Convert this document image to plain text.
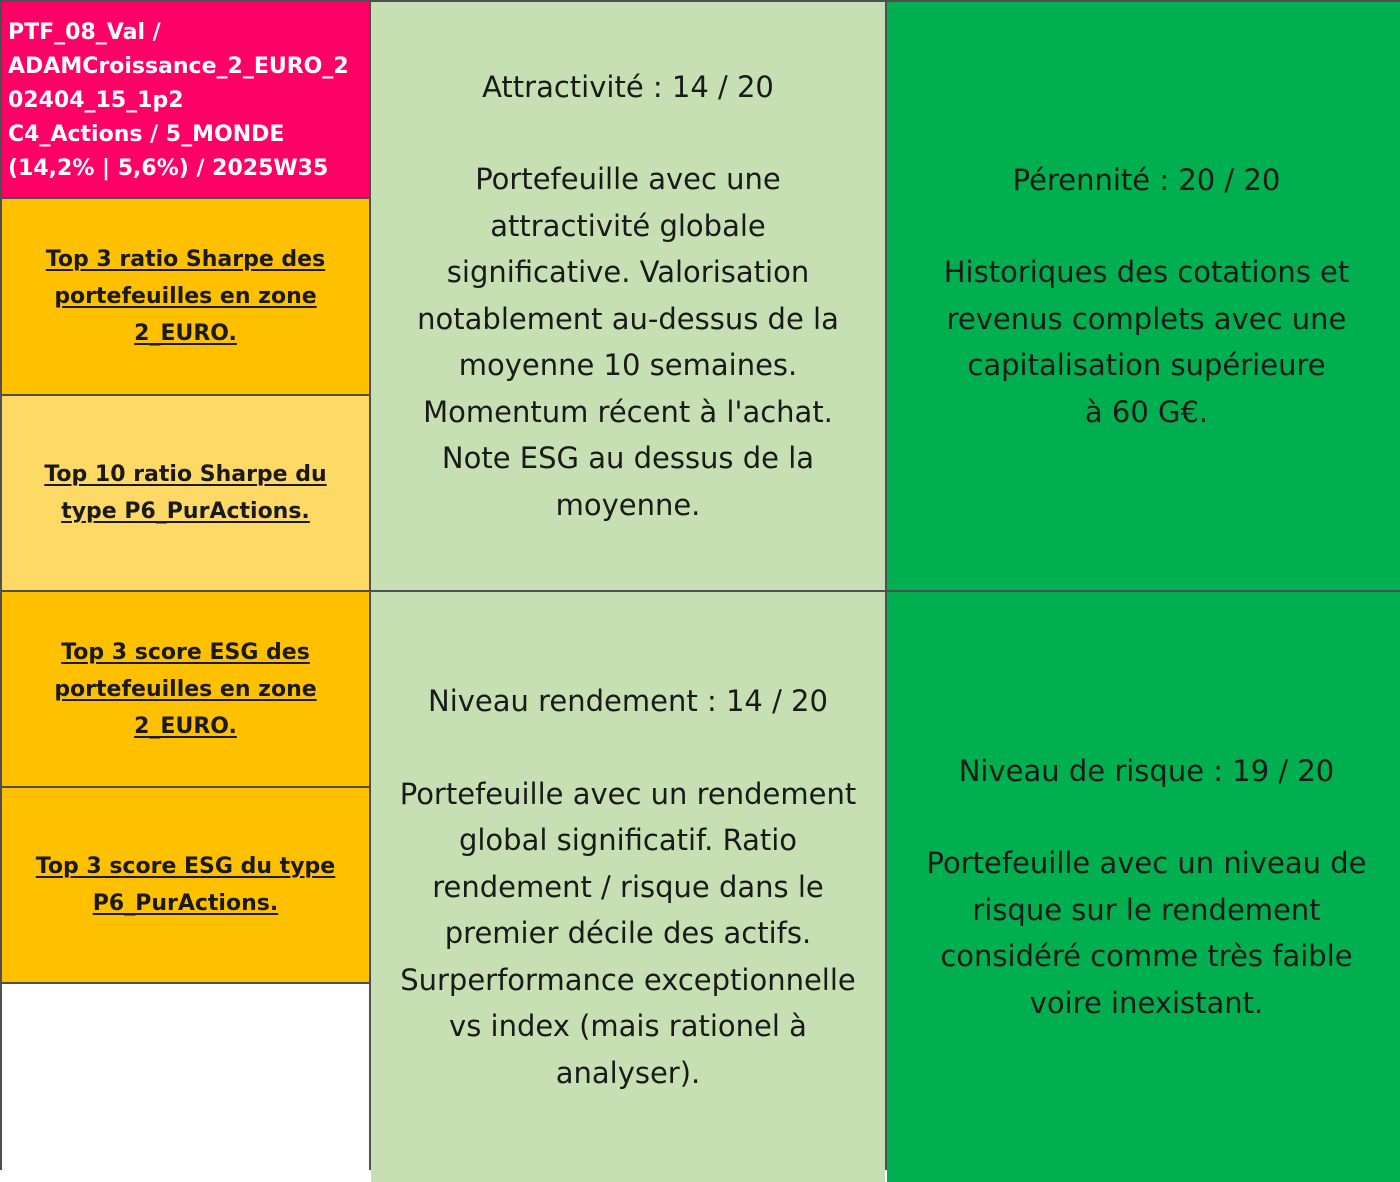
PTF_08_Val /
ADAMCroissance_2_EURO_2
02404_15_1p2
C4_Actions / 5_MONDE
(14,2% | 5,6%) / 2025W35
Top 3 ratio Sharpe des
portefeuilles en zone
2_EURO.
Top 10 ratio Sharpe du
type P6_PurActions.
Top 3 score ESG des
portefeuilles en zone
2_EURO.
Top 3 score ESG du type
P6_PurActions.
Attractivité : 14 / 20
Portefeuille avec une
attractivité globale
significative. Valorisation
notablement au-dessus de la
moyenne 10 semaines.
Momentum récent à l'achat.
Note ESG au dessus de la
moyenne.
Pérennité : 20 / 20
Historiques des cotations et
revenus complets avec une
capitalisation supérieure
à 60 G€.
Niveau rendement : 14 / 20
Portefeuille avec un rendement
global significatif. Ratio
rendement / risque dans le
premier décile des actifs.
Surperformance exceptionnelle
vs index (mais rationel à
analyser).
Niveau de risque : 19 / 20
Portefeuille avec un niveau de
risque sur le rendement
considéré comme très faible
voire inexistant.
